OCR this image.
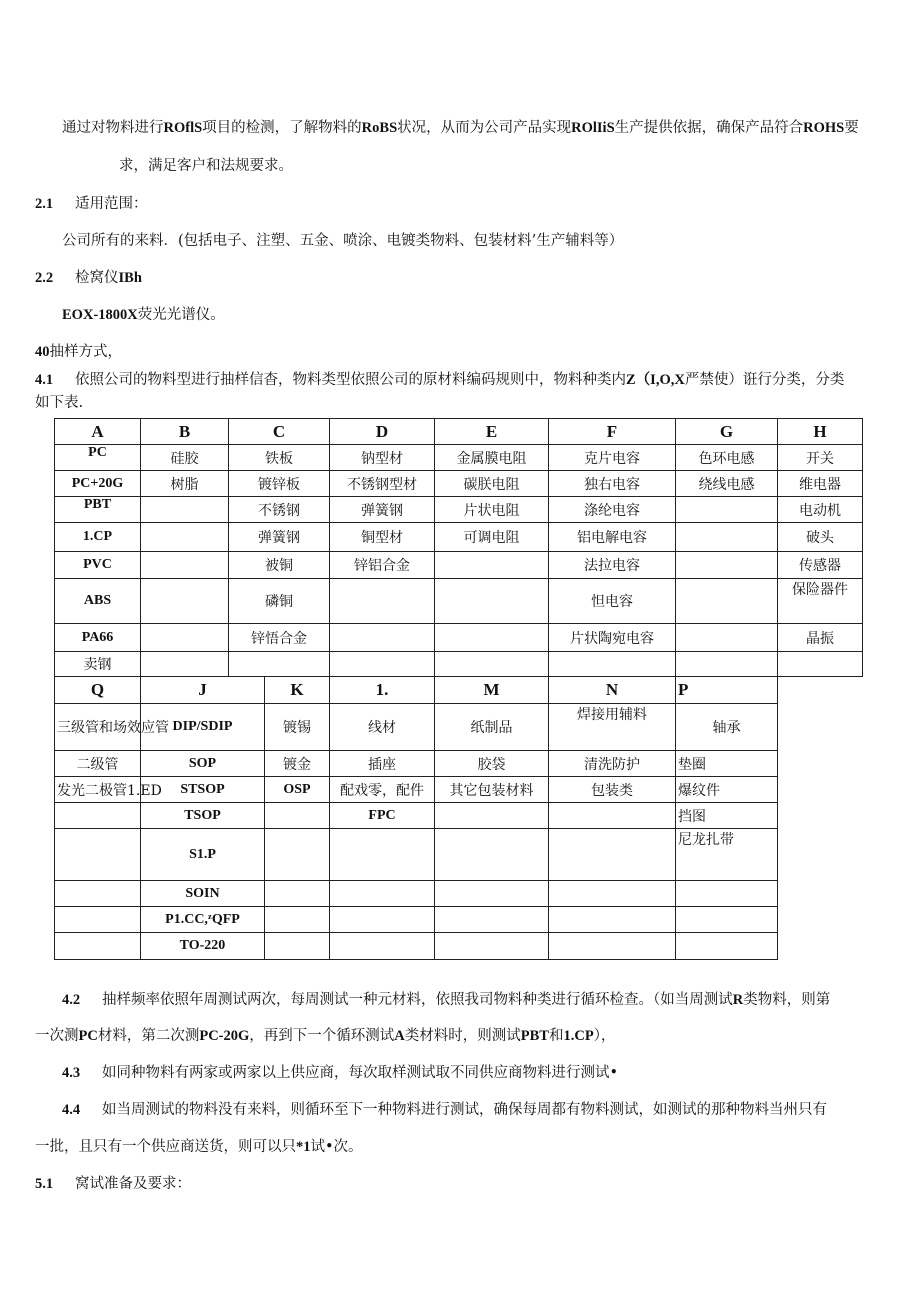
通过对物料进行ROflS项目的检测，了解物料的RoBS状况，从而为公司产品实现ROlIiS生产提供依据，确保产品符合ROHS要
求，满足客户和法规要求。
2.1 适用范围：
公司所有的来料．(包括电子、注塑、五金、喷涂、电镀类物料、包装材料’生产辅料等）
2.2 检窝仪IBh
EOX-1800X荧光光谱仪。
40抽样方式，
4.1 依照公司的物料型进行抽样信杳，物料类型依照公司的原材料编码规则中，物料种类内Z（I,O,X严禁使）诳行分类，分类
如下表.
A	B	C		D	E	F	G	H
PC	硅胶	铁板		钠型材	金属膜电阻	克片电容	色环电感	开关
PC+20G	树脂	镀锌板		不锈钢型材	碳朕电阻	独右电容	绕线电感	维电器
PBT		不锈钢		弹簧钢	片状电阻	涤纶电容		电动机
1.CP		弹簧钢		铜型材	可调电阻	铝电解电容		破头
PVC		被铜		锌铝合金		法拉电容		传感器
ABS		磷铜				怛电容		保险器件
PA66		锌悟合金				片状陶宛电容		晶振
卖钢								
Q	J		K	1.	M	N	P	
三级管和场效应管	DIP/SDIP		镀锡	线材	纸制品	焊接用辅料	轴承	
二级管	SOP		镀金	插座	胶袋	清洗防护	垫圈	
发光二极管1.ED	STSOP		OSP	配戏零，配件	其它包装材料	包装类	爆纹件	
	TSOP			FPC			挡图	
	S1.P						尼龙扎带	
	SOIN							
	P1.CC,ᶻQFP							
	TO-220							
4.2 抽样频率依照年周测试两次，每周测试一种元材料，依照我司物料种类进行循环检查。（如当周测试R类物料，则第
一次测PC材料，第二次测PC-20G，再到下一个循环测试A类材料时，则测试PBT和1.CP），
4.3 如同种物料有两家或两家以上供应商，每次取样测试取不同供应商物料进行测试•
4.4 如当周测试的物料没有来料，则循环至下一种物料进行测试，确保每周都有物料测试，如测试的那种物料当州只有
一批，且只有一个供应商送货，则可以只*1试•次。
5.1 窝试准备及要求：
